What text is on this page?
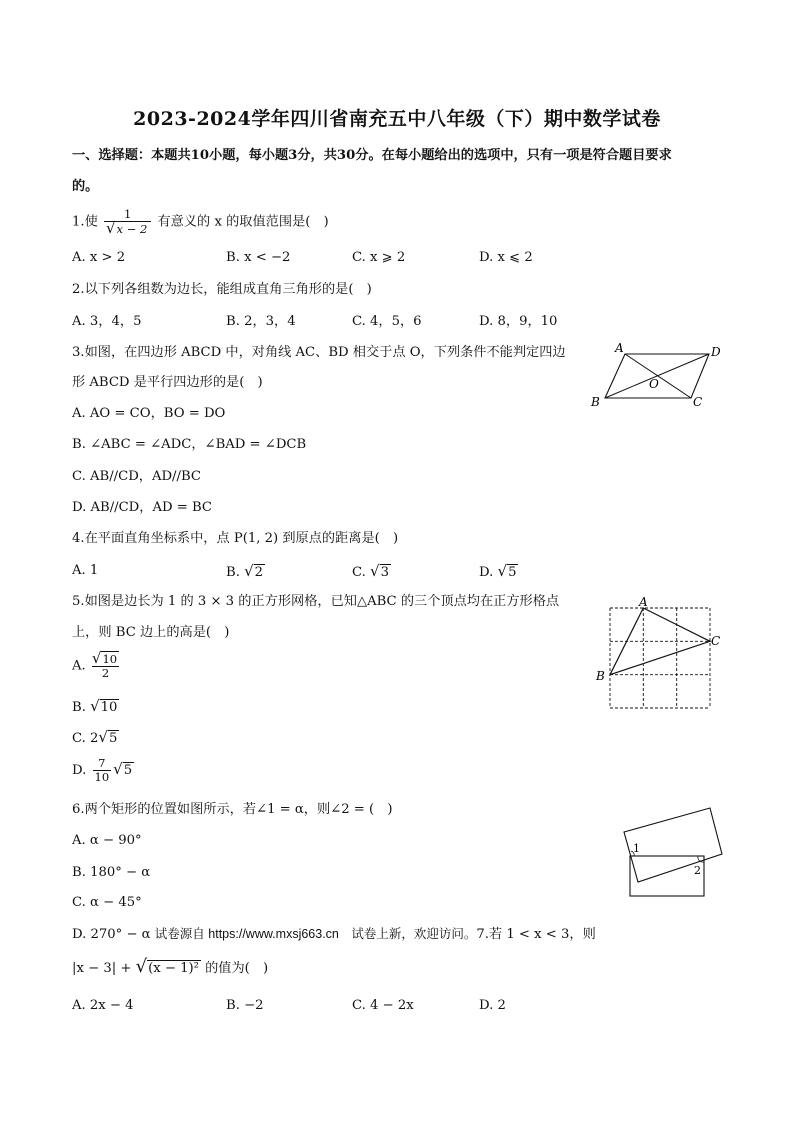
2023-2024学年四川省南充五中八年级（下）期中数学试卷
一、选择题：本题共10小题，每小题3分，共30分。在每小题给出的选项中，只有一项是符合题目要求
的。
1.使 $\frac{1}{√x - 2}$ 有意义的 x 的取值范围是(　)
A. x > 2	B. x < −2	C. x ⩾ 2	D. x ⩽ 2
2.以下列各组数为边长，能组成直角三角形的是(　)
A. 3，4，5	B. 2，3，4	C. 4，5，6	D. 8，9，10
3.如图，在四边形 ABCD 中，对角线 AC、BD 相交于点 O，下列条件不能判定四边
形 ABCD 是平行四边形的是(　)
A. AO = CO，BO = DO
B. ∠ABC = ∠ADC，∠BAD = ∠DCB
C. AB//CD，AD//BC
D. AB//CD，AD = BC
A	D
B	C
O
4.在平面直角坐标系中，点 P(1, 2) 到原点的距离是(　)
A. 1	B. √2	C. √3	D. √5
5.如图是边长为 1 的 3 × 3 的正方形网格，已知△ABC 的三个顶点均在正方形格点
上，则 BC 边上的高是(　)
A. $\frac{√10}{2}$
B. √10
C. 2√5
D. $\frac{7}{10} √5$
A
C
B
6.两个矩形的位置如图所示，若∠1 = α，则∠2 = (　)
A. α − 90°
B. 180° − α
C. α − 45°
1
2
D. 270° − α 试卷源自 https://www.mxsj663.cn　试卷上新，欢迎访问。7.若 1 < x < 3，则
|x − 3| + √(x − 1)² 的值为(　)
A. 2x − 4	B. −2	C. 4 − 2x	D. 2
